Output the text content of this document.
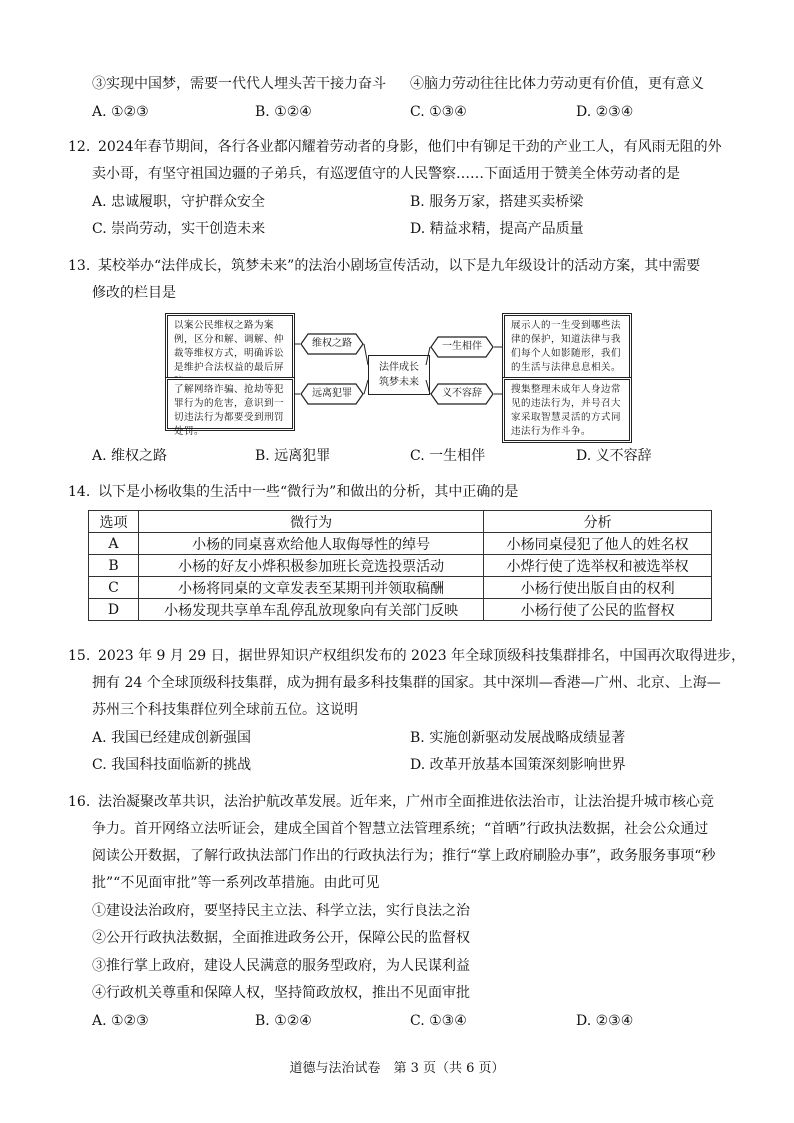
③实现中国梦，需要一代代人埋头苦干接力奋斗 ④脑力劳动往往比体力劳动更有价值，更有意义
A. ①②③	B. ①②④	C. ①③④	D. ②③④
12. 2024年春节期间，各行各业都闪耀着劳动者的身影，他们中有铆足干劲的产业工人，有风雨无阻的外
卖小哥，有坚守祖国边疆的子弟兵，有巡逻值守的人民警察……下面适用于赞美全体劳动者的是
A. 忠诚履职，守护群众安全	B. 服务万家，搭建买卖桥梁
C. 崇尚劳动，实干创造未来	D. 精益求精，提高产品质量
13. 某校举办“法伴成长，筑梦未来”的法治小剧场宣传活动，以下是九年级设计的活动方案，其中需要
修改的栏目是
以案公民维权之路为案例，区分和解、调解、仲裁等维权方式，明确诉讼是维护合法权益的最后屏
了解网络诈骗、抢劫等犯罪行为的危害，意识到一切违法行为都要受到刑罚处罚。
展示人的一生受到哪些法律的保护，知道法律与我们每个人如影随形，我们的生活与法律息息相关。
搜集整理未成年人身边常见的违法行为，并号召大家采取智慧灵活的方式同违法行为作斗争。
维权之路
远离犯罪
一生相伴
义不容辞
法伴成长
筑梦未来
A. 维权之路	B. 远离犯罪	C. 一生相伴	D. 义不容辞
14. 以下是小杨收集的生活中一些“微行为”和做出的分析，其中正确的是
选项	微行为	分析
A	小杨的同桌喜欢给他人取侮辱性的绰号	小杨同桌侵犯了他人的姓名权
B	小杨的好友小烨积极参加班长竞选投票活动	小烨行使了选举权和被选举权
C	小杨将同桌的文章发表至某期刊并领取稿酬	小杨行使出版自由的权利
D	小杨发现共享单车乱停乱放现象向有关部门反映	小杨行使了公民的监督权
15. 2023 年 9 月 29 日，据世界知识产权组织发布的 2023 年全球顶级科技集群排名，中国再次取得进步，
拥有 24 个全球顶级科技集群，成为拥有最多科技集群的国家。其中深圳—香港—广州、北京、上海—
苏州三个科技集群位列全球前五位。这说明
A. 我国已经建成创新强国	B. 实施创新驱动发展战略成绩显著
C. 我国科技面临新的挑战	D. 改革开放基本国策深刻影响世界
16. 法治凝聚改革共识，法治护航改革发展。近年来，广州市全面推进依法治市，让法治提升城市核心竞
争力。首开网络立法听证会，建成全国首个智慧立法管理系统；“首晒”行政执法数据，社会公众通过
阅读公开数据，了解行政执法部门作出的行政执法行为；推行“掌上政府刷脸办事”，政务服务事项“秒
批”“不见面审批”等一系列改革措施。由此可见
①建设法治政府，要坚持民主立法、科学立法，实行良法之治
②公开行政执法数据，全面推进政务公开，保障公民的监督权
③推行掌上政府，建设人民满意的服务型政府，为人民谋利益
④行政机关尊重和保障人权，坚持简政放权，推出不见面审批
A. ①②③	B. ①②④	C. ①③④	D. ②③④
道德与法治试卷　第 3 页（共 6 页）
